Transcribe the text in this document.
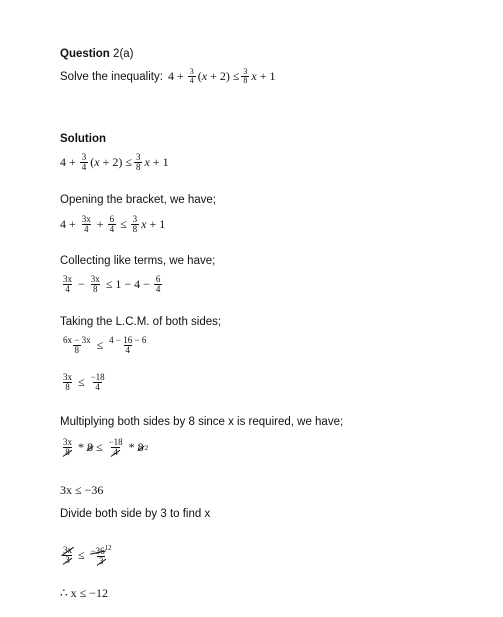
Question 2(a)
Solve the inequality: $4 + \frac{3}{4} (x + 2) \le \frac{3}{8}$ x + 1
Solution
$4 + \frac{3}{4} (x + 2) \le \frac{3}{8}$ x + 1
Opening the bracket, we have;
$4 + \frac{3x}{4} + \frac{6}{4} \le \frac{3}{8}$ x + 1
Collecting like terms, we have;
$\frac{3x}{4} - \frac{3x}{8} \le 1 - 4 - \frac{6}{4}$
Taking the L.C.M. of both sides;
$\frac{6x - 3x}{8} \le \frac{4 - 16 - 6}{4}$
$\frac{3x}{8} \le \frac{-18}{4}$
Multiplying both sides by 8 since x is required, we have;
$\frac{3x}{8} * 8 \le \frac{-18}{4} * 8$ 2
3x ≤ −36
Divide both side by 3 to find x
$\frac{3x}{3} \le \frac{-36^{12}}{3}$
∴ x ≤ −12
